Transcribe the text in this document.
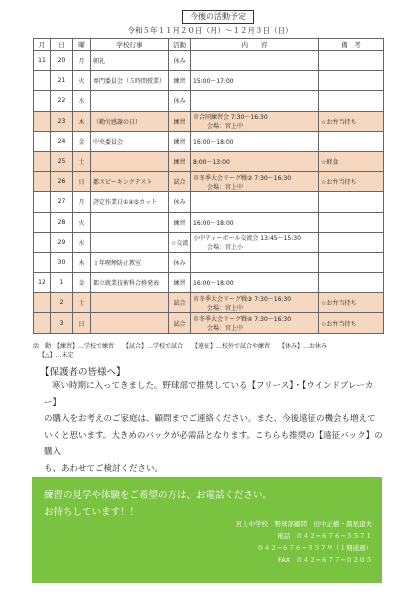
今後の活動予定
令和５年１１月２０日（月）〜１２月３日（日）
月	日	曜	学校行事	活動	内　　容	備　考
11	20	月	朝礼	休み	

	21	火	専門委員会（５時間授業）	練習	15:00〜17:00

	22	水		休み	

	23	木	（勤労感謝の日）	練習	市合同練習会 7:30〜16:30
会場：宮上中	☆お弁当持ち
	24	金	中央委員会	練習	16:00〜18:00

	25	土		練習	8:00〜13:00	☆軽食
	26	日	都スピーキングテスト	試合	市冬季大会リーグ戦② 7:30〜16:30
会場：宮上中	☆お弁当持ち
	27	月	評定作業日①④⑤カット	休み	

	28	火		練習	16:00〜18:00

	29	水		☆交流	小中ティーボール交流会 13:45〜15:30
会場：宮上小	

	30	木	１年喫煙防止教室	休み	

12	1	金	都立就業技術科合格発表	練習	16:00〜18:00

	2	土		試合	市冬季大会リーグ戦③ 7:30〜16:30
会場：宮上中	☆お弁当持ち
	3	日		試合	市冬季大会リーグ戦④ 7:30〜16:30
会場：宮上中	☆お弁当持ち
活　動　【練習】…学校で練習　　【試合】…学校で試合　　【遠征】…校外で試合や練習　　【休み】…お休み
【△】…未定
【保護者の皆様へ】

寒い時期に入ってきました。野球部で推奨している【フリース】・【ウインドブレーカー】

の購入をお考えのご家庭は、顧問までご連絡ください。また、今後遠征の機会も増えて

いくと思います。大きめのバックが必需品となります。こちらも推奨の【遠征バック】の購入

も、あわせてご検討ください。

練習の見学や体験をご希望の方は、お電話ください。

お待ちしています！！

宮上中学校　野球部顧問　田中正樹・諏星建夫
電話 ０４２−６７６−５５７１
０４２−６７６−５５７９（１期通過）
FAX ０４２−６７７−０２０５
